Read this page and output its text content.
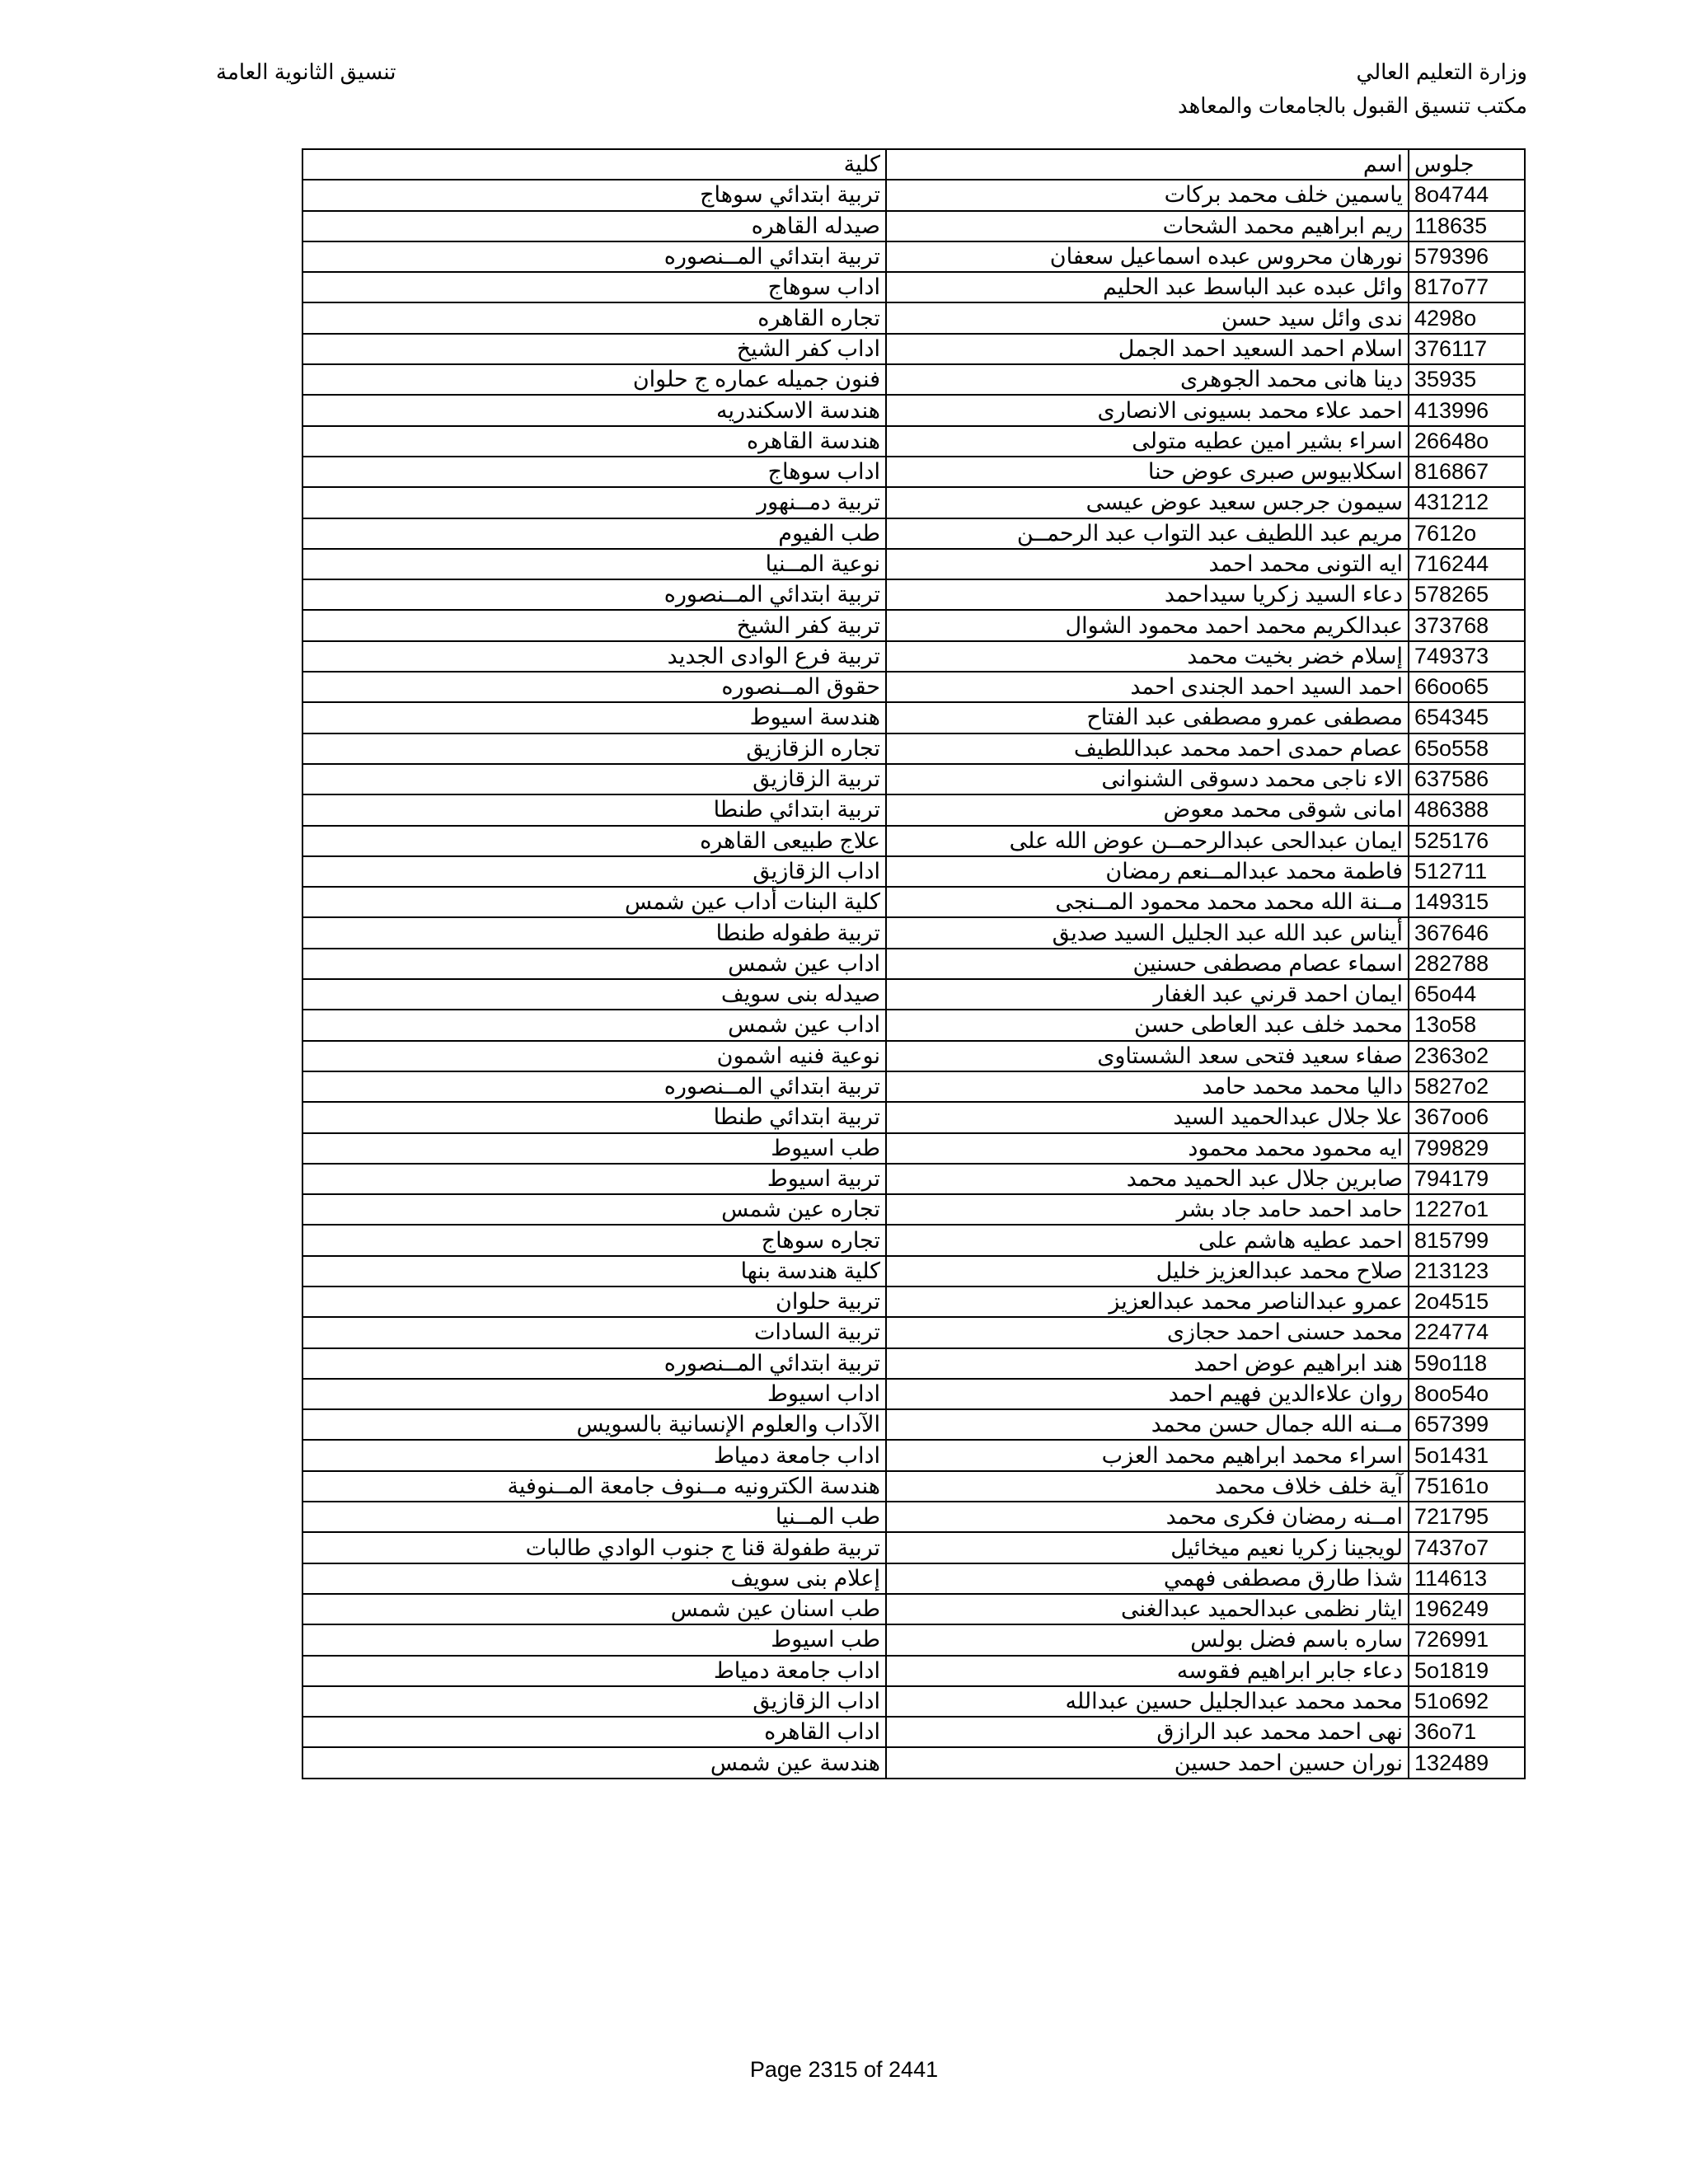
وزارة التعليم العالي
مكتب تنسيق القبول بالجامعات والمعاهد
تنسيق الثانوية العامة
كلية	اسم	جلوس
تربية ابتدائي سوهاج	ياسمين خلف محمد بركات	8o4744
صيدله القاهره	ريم ابراهيم محمد الشحات	118635
تربية ابتدائي المــنصوره	نورهان محروس عبده اسماعيل سعفان	579396
اداب سوهاج	وائل عبده عبد الباسط عبد الحليم	817o77
تجاره القاهره	ندى وائل سيد حسن	4298o
اداب كفر الشيخ	اسلام احمد السعيد احمد الجمل	376117
فنون جميله عماره ج حلوان	دينا هانى محمد الجوهرى	35935
هندسة الاسكندريه	احمد علاء محمد بسيونى الانصارى	413996
هندسة القاهره	اسراء بشير امين عطيه متولى	26648o
اداب سوهاج	اسكلابيوس صبرى عوض حنا	816867
تربية دمــنهور	سيمون جرجس سعيد عوض عيسى	431212
طب الفيوم	مريم عبد اللطيف عبد التواب عبد الرحمــن	7612o
نوعية المــنيا	ايه التونى محمد احمد	716244
تربية ابتدائي المــنصوره	دعاء السيد زكريا سيداحمد	578265
تربية كفر الشيخ	عبدالكريم محمد احمد محمود الشوال	373768
تربية فرع الوادى الجديد	إسلام خضر بخيت محمد	749373
حقوق المــنصوره	احمد السيد احمد الجندى احمد	66oo65
هندسة اسيوط	مصطفى عمرو مصطفى عبد الفتاح	654345
تجاره الزقازيق	عصام حمدى احمد محمد عبداللطيف	65o558
تربية الزقازيق	الاء ناجى محمد دسوقى الشنوانى	637586
تربية ابتدائي طنطا	امانى شوقى محمد معوض	486388
علاج طبيعى القاهره	ايمان عبدالحى عبدالرحمــن عوض الله على	525176
اداب الزقازيق	فاطمة محمد عبدالمــنعم رمضان	512711
كلية البنات أداب عين شمس	مــنة الله محمد محمد محمود المــنجى	149315
تربية طفوله طنطا	أيناس عبد الله عبد الجليل السيد صديق	367646
اداب عين شمس	اسماء عصام مصطفى حسنين	282788
صيدله بنى سويف	ايمان احمد قرني عبد الغفار	65o44
اداب عين شمس	محمد خلف عبد العاطى حسن	13o58
نوعية فنيه اشمون	صفاء سعيد فتحى سعد الشستاوى	2363o2
تربية ابتدائي المــنصوره	داليا محمد محمد حامد	5827o2
تربية ابتدائي طنطا	علا جلال عبدالحميد السيد	367oo6
طب اسيوط	ايه محمود محمد محمود	799829
تربية اسيوط	صابرين جلال عبد الحميد محمد	794179
تجاره عين شمس	حامد احمد حامد جاد بشر	1227o1
تجاره سوهاج	احمد عطيه هاشم على	815799
كلية هندسة بنها	صلاح محمد عبدالعزيز خليل	213123
تربية حلوان	عمرو عبدالناصر محمد عبدالعزيز	2o4515
تربية السادات	محمد حسنى احمد حجازى	224774
تربية ابتدائي المــنصوره	هند ابراهيم عوض احمد	59o118
اداب اسيوط	روان علاءالدين فهيم احمد	8oo54o
الآداب والعلوم الإنسانية بالسويس	مــنه الله جمال حسن محمد	657399
اداب جامعة دمياط	اسراء محمد ابراهيم محمد العزب	5o1431
هندسة الكترونيه مــنوف جامعة المــنوفية	آية خلف خلاف محمد	75161o
طب المــنيا	امــنه رمضان فكرى محمد	721795
تربية طفولة قنا ج جنوب الوادي طالبات	لويجينا زكريا نعيم ميخائيل	7437o7
إعلام بنى سويف	شذا طارق مصطفى فهمي	114613
طب اسنان عين شمس	ايثار نظمى عبدالحميد عبدالغنى	196249
طب اسيوط	ساره باسم فضل بولس	726991
اداب جامعة دمياط	دعاء جابر ابراهيم فقوسه	5o1819
اداب الزقازيق	محمد محمد عبدالجليل حسين عبدالله	51o692
اداب القاهره	نهى احمد محمد عبد الرازق	36o71
هندسة عين شمس	نوران حسين احمد حسين	132489
Page 2315 of 2441
